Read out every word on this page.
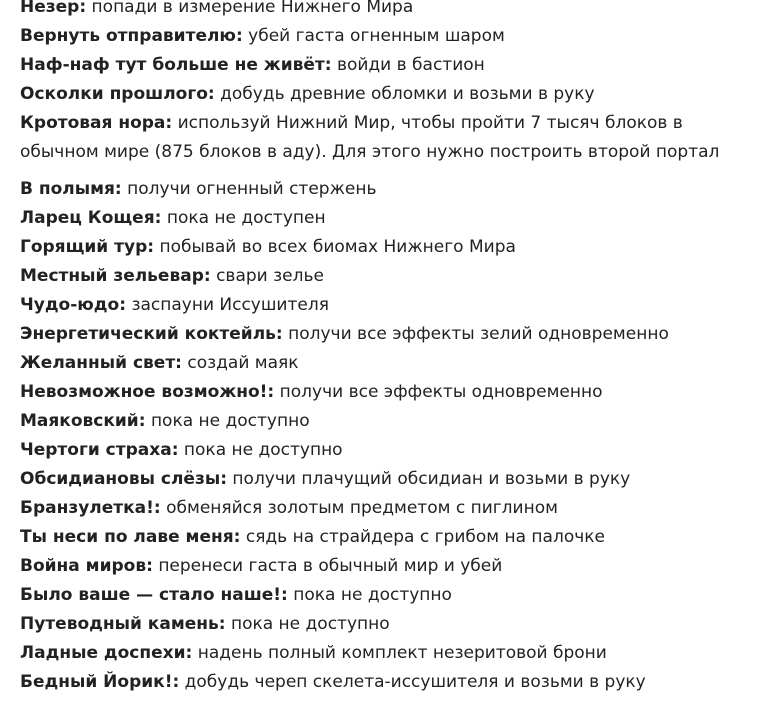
Незер: попади в измерение Нижнего Мира

Вернуть отправителю: убей гаста огненным шаром

Наф-наф тут больше не живёт: войди в бастион

Осколки прошлого: добудь древние обломки и возьми в руку

Кротовая нора: используй Нижний Мир, чтобы пройти 7 тысяч блоков в обычном мире (875 блоков в аду). Для этого нужно построить второй портал

В полымя: получи огненный стержень

Ларец Кощея: пока не доступен

Горящий тур: побывай во всех биомах Нижнего Мира

Местный зельевар: свари зелье

Чудо-юдо: заспауни Иссушителя

Энергетический коктейль: получи все эффекты зелий одновременно

Желанный свет: создай маяк

Невозможное возможно!: получи все эффекты одновременно

Маяковский: пока не доступно

Чертоги страха: пока не доступно

Обсидиановы слёзы: получи плачущий обсидиан и возьми в руку

Бранзулетка!: обменяйся золотым предметом с пиглином

Ты неси по лаве меня: сядь на страйдера с грибом на палочке

Война миров: перенеси гаста в обычный мир и убей

Было ваше — стало наше!: пока не доступно

Путеводный камень: пока не доступно

Ладные доспехи: надень полный комплект незеритовой брони

Бедный Йорик!: добудь череп скелета-иссушителя и возьми в руку
